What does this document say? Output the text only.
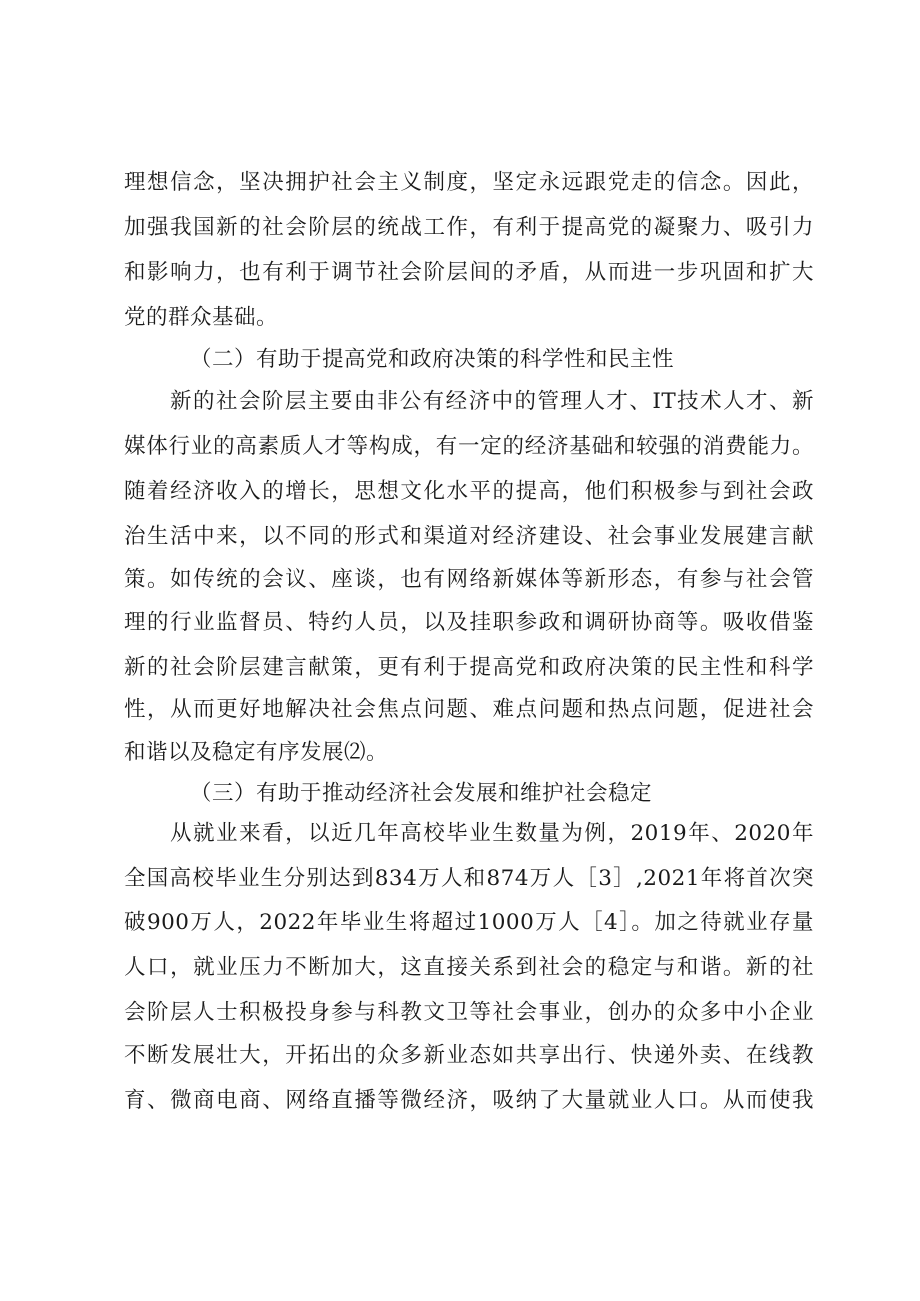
理想信念，坚决拥护社会主义制度，坚定永远跟党走的信念。因此，
加强我国新的社会阶层的统战工作，有利于提高党的凝聚力、吸引力
和影响力，也有利于调节社会阶层间的矛盾，从而进一步巩固和扩大
党的群众基础。
（二）有助于提高党和政府决策的科学性和民主性
新的社会阶层主要由非公有经济中的管理人才、IT技术人才、新
媒体行业的高素质人才等构成，有一定的经济基础和较强的消费能力。
随着经济收入的增长，思想文化水平的提高，他们积极参与到社会政
治生活中来，以不同的形式和渠道对经济建设、社会事业发展建言献
策。如传统的会议、座谈，也有网络新媒体等新形态，有参与社会管
理的行业监督员、特约人员，以及挂职参政和调研协商等。吸收借鉴
新的社会阶层建言献策，更有利于提高党和政府决策的民主性和科学
性，从而更好地解决社会焦点问题、难点问题和热点问题，促进社会
和谐以及稳定有序发展⑵。
（三）有助于推动经济社会发展和维护社会稳定
从就业来看，以近几年高校毕业生数量为例，2019年、2020年
全国高校毕业生分别达到834万人和874万人［3］,2021年将首次突
破900万人，2022年毕业生将超过1000万人［4］。加之待就业存量
人口，就业压力不断加大，这直接关系到社会的稳定与和谐。新的社
会阶层人士积极投身参与科教文卫等社会事业，创办的众多中小企业
不断发展壮大，开拓出的众多新业态如共享出行、快递外卖、在线教
育、微商电商、网络直播等微经济，吸纳了大量就业人口。从而使我
